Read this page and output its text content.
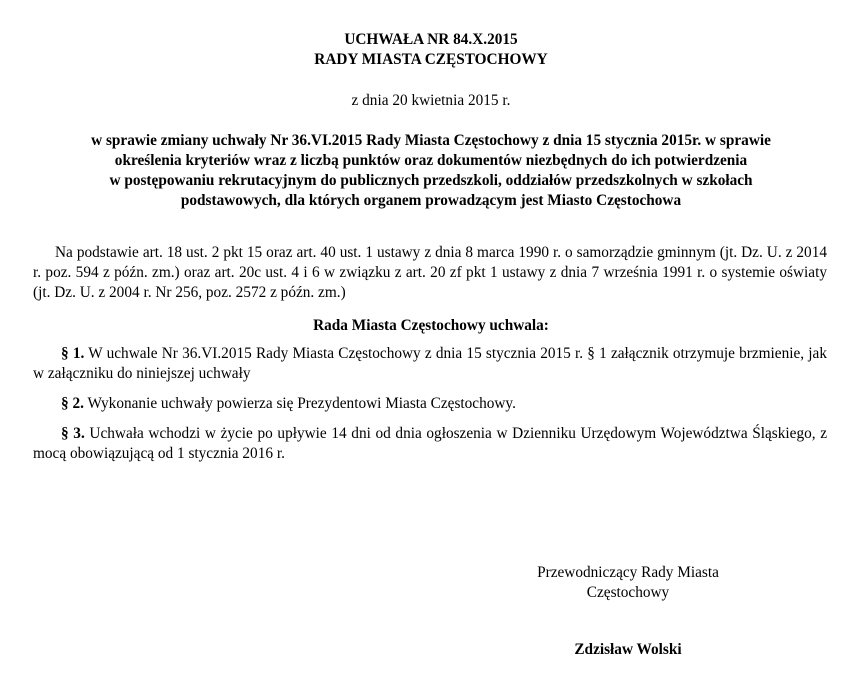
UCHWAŁA NR 84.X.2015
RADY MIASTA CZĘSTOCHOWY
z dnia 20 kwietnia 2015 r.
w sprawie zmiany uchwały Nr 36.VI.2015 Rady Miasta Częstochowy z dnia 15 stycznia 2015r. w sprawie
określenia kryteriów wraz z liczbą punktów oraz dokumentów niezbędnych do ich potwierdzenia
w postępowaniu rekrutacyjnym do publicznych przedszkoli, oddziałów przedszkolnych w szkołach
podstawowych, dla których organem prowadzącym jest Miasto Częstochowa
Na podstawie art. 18 ust. 2 pkt 15 oraz art. 40 ust. 1 ustawy z dnia 8 marca 1990 r. o samorządzie gminnym (jt. Dz. U. z 2014 r. poz. 594 z późn. zm.) oraz art. 20c ust. 4 i 6 w związku z art. 20 zf pkt 1 ustawy z dnia 7 września 1991 r. o systemie oświaty (jt. Dz. U. z 2004 r. Nr 256, poz. 2572 z późn. zm.)
Rada Miasta Częstochowy uchwala:
§ 1. W uchwale Nr 36.VI.2015 Rady Miasta Częstochowy z dnia 15 stycznia 2015 r. § 1 załącznik otrzymuje brzmienie, jak w załączniku do niniejszej uchwały
§ 2. Wykonanie uchwały powierza się Prezydentowi Miasta Częstochowy.
§ 3. Uchwała wchodzi w życie po upływie 14 dni od dnia ogłoszenia w Dzienniku Urzędowym Województwa Śląskiego, z mocą obowiązującą od 1 stycznia 2016 r.
Przewodniczący Rady Miasta
Częstochowy
Zdzisław Wolski
